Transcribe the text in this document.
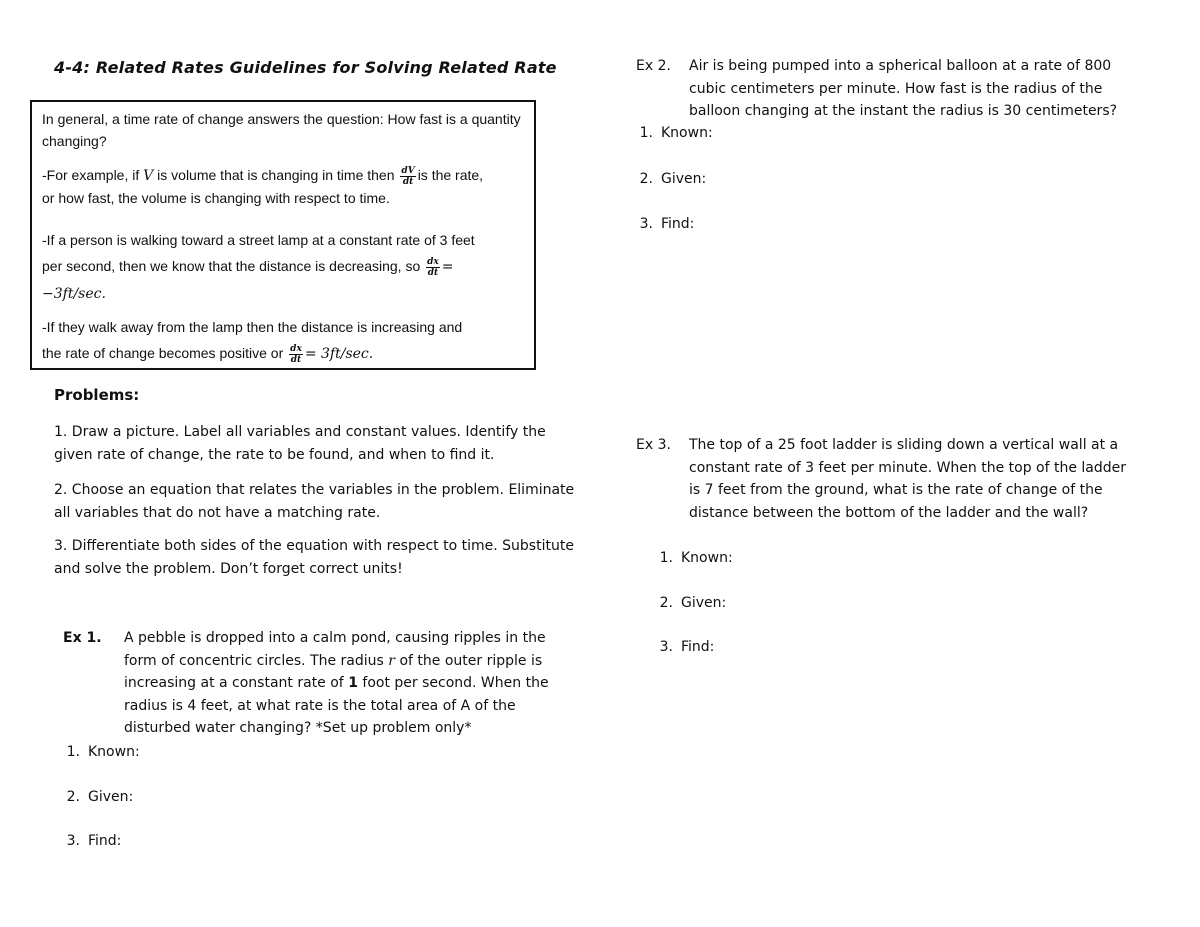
4-4: Related Rates Guidelines for Solving Related Rate
In general, a time rate of change answers the question: How fast is a quantity changing?
-For example, if V is volume that is changing in time then $\frac{dV}{dt}$ is the rate,
or how fast, the volume is changing with respect to time.
-If a person is walking toward a street lamp at a constant rate of 3 feet
per second, then we know that the distance is decreasing, so $\frac{dx}{dt}$ =
−3ft/sec.
-If they walk away from the lamp then the distance is increasing and
the rate of change becomes positive or $\frac{dx}{dt} = 3ft/\sec$.
Problems:
1. Draw a picture. Label all variables and constant values. Identify the given rate of change, the rate to be found, and when to find it.
2. Choose an equation that relates the variables in the problem. Eliminate all variables that do not have a matching rate.
3. Differentiate both sides of the equation with respect to time. Substitute and solve the problem. Don’t forget correct units!
Ex 1. A pebble is dropped into a calm pond, causing ripples in the form of concentric circles. The radius r of the outer ripple is increasing at a constant rate of 1 foot per second. When the radius is 4 feet, at what rate is the total area of A of the disturbed water changing? *Set up problem only*
1. Known:
2. Given:
3. Find:
Ex 2. Air is being pumped into a spherical balloon at a rate of 800 cubic centimeters per minute. How fast is the radius of the balloon changing at the instant the radius is 30 centimeters?
1. Known:
2. Given:
3. Find:
Ex 3. The top of a 25 foot ladder is sliding down a vertical wall at a constant rate of 3 feet per minute. When the top of the ladder is 7 feet from the ground, what is the rate of change of the distance between the bottom of the ladder and the wall?
1. Known:
2. Given:
3. Find:
